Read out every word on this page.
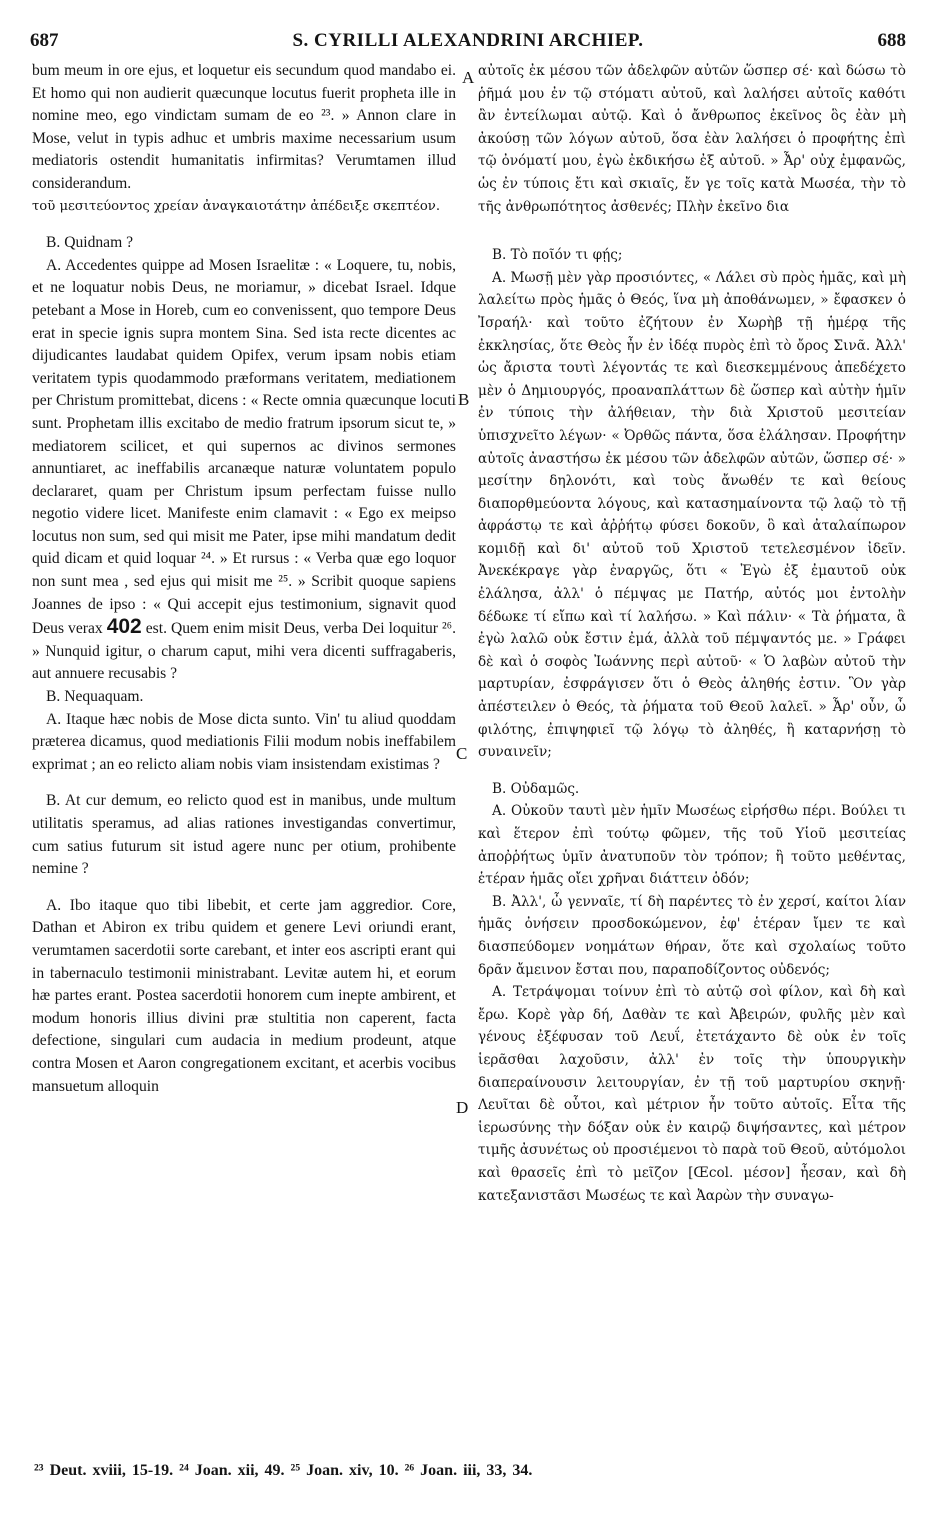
687	S. CYRILLI ALEXANDRINI ARCHIEP.	688
A
B
C
D

bum meum in ore ejus, et loquetur eis secundum quod mandabo ei. Et homo qui non audierit quæcunque locutus fuerit propheta ille in nomine meo, ego vindictam sumam de eo ²³. » Annon clare in Mose, velut in typis adhuc et umbris maxime necessarium usum mediatoris ostendit humanitatis infirmitas? Verumtamen illud considerandum.

τοῦ μεσιτεύοντος χρείαν ἀναγκαιοτάτην ἀπέδειξε σκεπτέον.

B. Quidnam ?

A. Accedentes quippe ad Mosen Israelitæ : « Loquere, tu, nobis, et ne loquatur nobis Deus, ne moriamur, » dicebat Israel. Idque petebant a Mose in Horeb, cum eo convenissent, quo tempore Deus erat in specie ignis supra montem Sina. Sed ista recte dicentes ac dijudicantes laudabat quidem Opifex, verum ipsam nobis etiam veritatem typis quodammodo præformans veritatem, mediationem per Christum promittebat, dicens : « Recte omnia quæcunque locuti sunt. Prophetam illis excitabo de medio fratrum ipsorum sicut te, » mediatorem scilicet, et qui supernos ac divinos sermones annuntiaret, ac ineffabilis arcanæque naturæ voluntatem populo declararet, quam per Christum ipsum perfectam fuisse nullo negotio videre licet. Manifeste enim clamavit : « Ego ex meipso locutus non sum, sed qui misit me Pater, ipse mihi mandatum dedit quid dicam et quid loquar ²⁴. » Et rursus : « Verba quæ ego loquor non sunt mea , sed ejus qui misit me ²⁵. » Scribit quoque sapiens Joannes de ipso : « Qui accepit ejus testimonium, signavit quod Deus verax 402 est. Quem enim misit Deus, verba Dei loquitur ²⁶. » Nunquid igitur, o charum caput, mihi vera dicenti suffragaberis, aut annuere recusabis ?

B. Nequaquam.

A. Itaque hæc nobis de Mose dicta sunto. Vin' tu aliud quoddam præterea dicamus, quod mediationis Filii modum nobis ineffabilem exprimat ; an eo relicto aliam nobis viam insistendam existimas ?

B. At cur demum, eo relicto quod est in manibus, unde multum utilitatis speramus, ad alias rationes investigandas convertimur, cum satius futurum sit istud agere nunc per otium, prohibente nemine ?

A. Ibo itaque quo tibi libebit, et certe jam aggredior. Core, Dathan et Abiron ex tribu quidem et genere Levi oriundi erant, verumtamen sacerdotii sorte carebant, et inter eos ascripti erant qui in tabernaculo testimonii ministrabant. Levitæ autem hi, et eorum hæ partes erant. Postea sacerdotii honorem cum inepte ambirent, et modum honoris illius divini præ stultitia non caperent, facta defectione, singulari cum audacia in medium prodeunt, atque contra Mosen et Aaron congregationem excitant, et acerbis vocibus mansuetum alloquin

αὐτοῖς ἐκ μέσου τῶν ἀδελφῶν αὐτῶν ὥσπερ σέ· καὶ δώσω τὸ ῥῆμά μου ἐν τῷ στόματι αὐτοῦ, καὶ λαλήσει αὐτοῖς καθότι ἂν ἐντείλωμαι αὐτῷ. Καὶ ὁ ἄνθρωπος ἐκεῖνος ὃς ἐὰν μὴ ἀκούσῃ τῶν λόγων αὐτοῦ, ὅσα ἐὰν λαλήσει ὁ προφήτης ἐπὶ τῷ ὀνόματί μου, ἐγὼ ἐκδικήσω ἐξ αὐτοῦ. » Ἆρ' οὐχ ἐμφανῶς, ὡς ἐν τύποις ἔτι καὶ σκιαῖς, ἔν γε τοῖς κατὰ Μωσέα, τὴν τὸ τῆς ἀνθρωπότητος ἀσθενές; Πλὴν ἐκεῖνο δια

Β. Τὸ ποῖόν τι φῄς;

Α. Μωσῇ μὲν γὰρ προσιόντες, « Λάλει σὺ πρὸς ἡμᾶς, καὶ μὴ λαλείτω πρὸς ἡμᾶς ὁ Θεός, ἵνα μὴ ἀποθάνωμεν, » ἔφασκεν ὁ Ἰσραήλ· καὶ τοῦτο ἐζήτουν ἐν Χωρὴβ τῇ ἡμέρᾳ τῆς ἐκκλησίας, ὅτε Θεὸς ἦν ἐν ἰδέᾳ πυρὸς ἐπὶ τὸ ὄρος Σινᾶ. Ἀλλ' ὡς ἄριστα τουτὶ λέγοντάς τε καὶ διεσκεμμένους ἀπεδέχετο μὲν ὁ Δημιουργός, προαναπλάττων δὲ ὥσπερ καὶ αὐτὴν ἡμῖν ἐν τύποις τὴν ἀλήθειαν, τὴν διὰ Χριστοῦ μεσιτείαν ὑπισχνεῖτο λέγων· « Ὀρθῶς πάντα, ὅσα ἐλάλησαν. Προφήτην αὐτοῖς ἀναστήσω ἐκ μέσου τῶν ἀδελφῶν αὐτῶν, ὥσπερ σέ· » μεσίτην δηλονότι, καὶ τοὺς ἄνωθέν τε καὶ θείους διαπορθμεύοντα λόγους, καὶ κατασημαίνοντα τῷ λαῷ τὸ τῇ ἀφράστῳ τε καὶ ἀῤῥήτῳ φύσει δοκοῦν, ὃ καὶ ἀταλαίπωρον κομιδῇ καὶ δι' αὐτοῦ τοῦ Χριστοῦ τετελεσμένον ἰδεῖν. Ἀνεκέκραγε γὰρ ἐναργῶς, ὅτι « Ἐγὼ ἐξ ἐμαυτοῦ οὐκ ἐλάλησα, ἀλλ' ὁ πέμψας με Πατήρ, αὐτός μοι ἐντολὴν δέδωκε τί εἴπω καὶ τί λαλήσω. » Καὶ πάλιν· « Τὰ ῥήματα, ἃ ἐγὼ λαλῶ οὐκ ἔστιν ἐμά, ἀλλὰ τοῦ πέμψαντός με. » Γράφει δὲ καὶ ὁ σοφὸς Ἰωάννης περὶ αὐτοῦ· « Ὁ λαβὼν αὐτοῦ τὴν μαρτυρίαν, ἐσφράγισεν ὅτι ὁ Θεὸς ἀληθής ἐστιν. Ὃν γὰρ ἀπέστειλεν ὁ Θεός, τὰ ῥήματα τοῦ Θεοῦ λαλεῖ. » Ἆρ' οὖν, ὦ φιλότης, ἐπιψηφιεῖ τῷ λόγῳ τὸ ἀληθές, ἢ καταρνήσῃ τὸ συναινεῖν;

Β. Οὐδαμῶς.

Α. Οὐκοῦν ταυτὶ μὲν ἡμῖν Μωσέως εἰρήσθω πέρι. Βούλει τι καὶ ἕτερον ἐπὶ τούτῳ φῶμεν, τῆς τοῦ Υἱοῦ μεσιτείας ἀποῤῥήτως ὑμῖν ἀνατυποῦν τὸν τρόπον; ἢ τοῦτο μεθέντας, ἑτέραν ἡμᾶς οἴει χρῆναι διάττειν ὁδόν;

Β. Ἀλλ', ὦ γενναῖε, τί δὴ παρέντες τὸ ἐν χερσί, καίτοι λίαν ἡμᾶς ὀνήσειν προσδοκώμενον, ἐφ' ἑτέραν ἴμεν τε καὶ διασπεύδομεν νοημάτων θήραν, ὅτε καὶ σχολαίως τοῦτο δρᾶν ἄμεινον ἔσται που, παραποδίζοντος οὐδενός;

Α. Τετράψομαι τοίνυν ἐπὶ τὸ αὐτῷ σοὶ φίλον, καὶ δὴ καὶ ἔρω. Κορὲ γὰρ δή, Δαθὰν τε καὶ Ἀβειρών, φυλῆς μὲν καὶ γένους ἐξέφυσαν τοῦ Λευΐ, ἐτετάχαντο δὲ οὐκ ἐν τοῖς ἱερᾶσθαι λαχοῦσιν, ἀλλ' ἐν τοῖς τὴν ὑπουργικὴν διαπεραίνουσιν λειτουργίαν, ἐν τῇ τοῦ μαρτυρίου σκηνῇ· Λευῖται δὲ οὗτοι, καὶ μέτριον ἦν τοῦτο αὐτοῖς. Εἶτα τῆς ἱερωσύνης τὴν δόξαν οὐκ ἐν καιρῷ διψήσαντες, καὶ μέτρον τιμῆς ἀσυνέτως οὐ προσιέμενοι τὸ παρὰ τοῦ Θεοῦ, αὐτόμολοι καὶ θρασεῖς ἐπὶ τὸ μεῖζον [Œcol. μέσον] ἦεσαν, καὶ δὴ κατεξανιστᾶσι Μωσέως τε καὶ Ἀαρὼν τὴν συναγω-

²³ Deut. xviii, 15-19. ²⁴ Joan. xii, 49. ²⁵ Joan. xiv, 10. ²⁶ Joan. iii, 33, 34.
